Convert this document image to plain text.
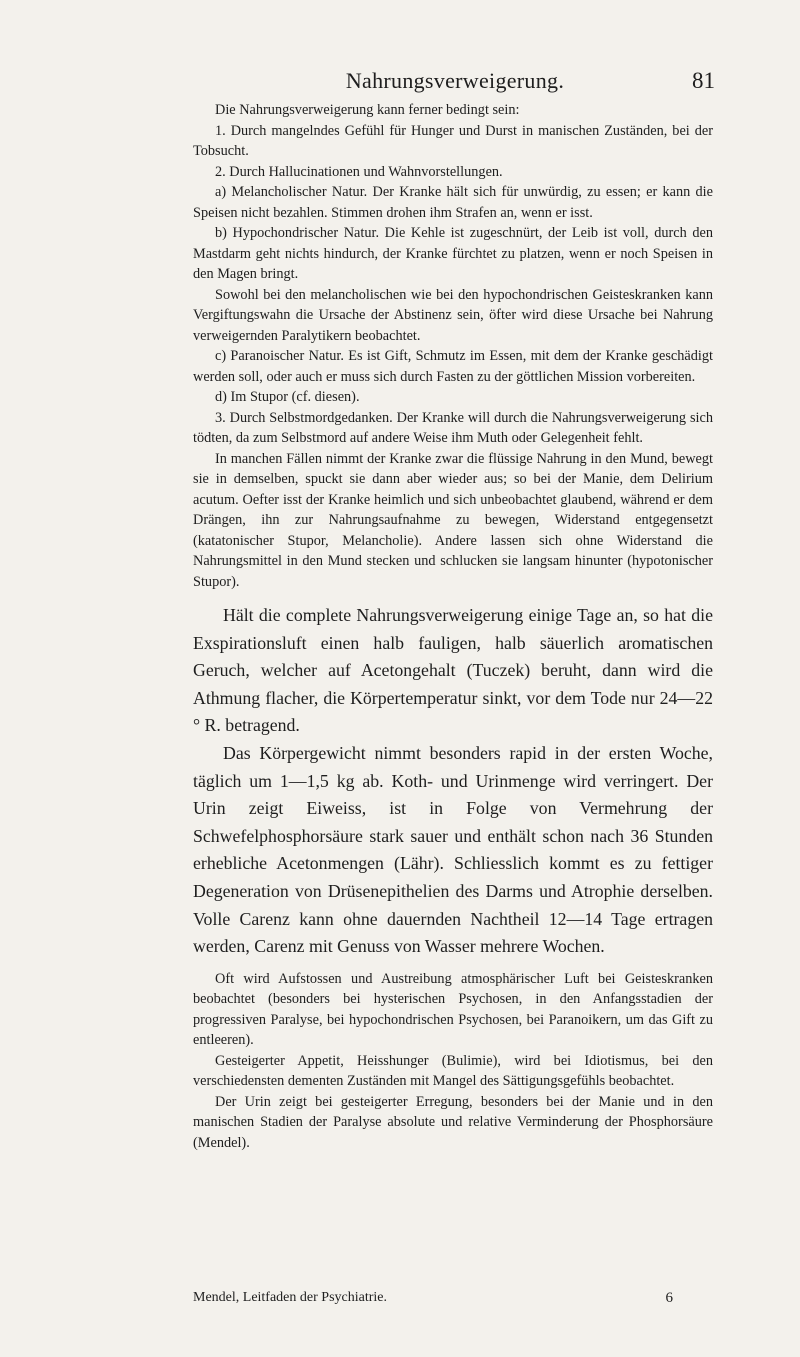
Nahrungsverweigerung.	81

Die Nahrungsverweigerung kann ferner bedingt sein:

1. Durch mangelndes Gefühl für Hunger und Durst in manischen Zuständen, bei der Tobsucht.

2. Durch Hallucinationen und Wahnvorstellungen.

a) Melancholischer Natur. Der Kranke hält sich für unwürdig, zu essen; er kann die Speisen nicht bezahlen. Stimmen drohen ihm Strafen an, wenn er isst.

b) Hypochondrischer Natur. Die Kehle ist zugeschnürt, der Leib ist voll, durch den Mastdarm geht nichts hindurch, der Kranke fürchtet zu platzen, wenn er noch Speisen in den Magen bringt.

Sowohl bei den melancholischen wie bei den hypochondrischen Geisteskranken kann Vergiftungswahn die Ursache der Abstinenz sein, öfter wird diese Ursache bei Nahrung verweigernden Paralytikern beobachtet.

c) Paranoischer Natur. Es ist Gift, Schmutz im Essen, mit dem der Kranke geschädigt werden soll, oder auch er muss sich durch Fasten zu der göttlichen Mission vorbereiten.

d) Im Stupor (cf. diesen).

3. Durch Selbstmordgedanken. Der Kranke will durch die Nahrungsverweigerung sich tödten, da zum Selbstmord auf andere Weise ihm Muth oder Gelegenheit fehlt.

In manchen Fällen nimmt der Kranke zwar die flüssige Nahrung in den Mund, bewegt sie in demselben, spuckt sie dann aber wieder aus; so bei der Manie, dem Delirium acutum. Oefter isst der Kranke heimlich und sich unbeobachtet glaubend, während er dem Drängen, ihn zur Nahrungsaufnahme zu bewegen, Widerstand entgegensetzt (katatonischer Stupor, Melancholie). Andere lassen sich ohne Widerstand die Nahrungsmittel in den Mund stecken und schlucken sie langsam hinunter (hypotonischer Stupor).

Hält die complete Nahrungsverweigerung einige Tage an, so hat die Exspirationsluft einen halb fauligen, halb säuerlich aromatischen Geruch, welcher auf Acetongehalt (Tuczek) beruht, dann wird die Athmung flacher, die Körpertemperatur sinkt, vor dem Tode nur 24—22 ° R. betragend.

Das Körpergewicht nimmt besonders rapid in der ersten Woche, täglich um 1—1,5 kg ab. Koth- und Urinmenge wird verringert. Der Urin zeigt Eiweiss, ist in Folge von Vermehrung der Schwefelphosphorsäure stark sauer und enthält schon nach 36 Stunden erhebliche Acetonmengen (Lähr). Schliesslich kommt es zu fettiger Degeneration von Drüsenepithelien des Darms und Atrophie derselben. Volle Carenz kann ohne dauernden Nachtheil 12—14 Tage ertragen werden, Carenz mit Genuss von Wasser mehrere Wochen.

Oft wird Aufstossen und Austreibung atmosphärischer Luft bei Geisteskranken beobachtet (besonders bei hysterischen Psychosen, in den Anfangsstadien der progressiven Paralyse, bei hypochondrischen Psychosen, bei Paranoikern, um das Gift zu entleeren).

Gesteigerter Appetit, Heisshunger (Bulimie), wird bei Idiotismus, bei den verschiedensten dementen Zuständen mit Mangel des Sättigungsgefühls beobachtet.

Der Urin zeigt bei gesteigerter Erregung, besonders bei der Manie und in den manischen Stadien der Paralyse absolute und relative Verminderung der Phosphorsäure (Mendel).

Mendel, Leitfaden der Psychiatrie.	6
